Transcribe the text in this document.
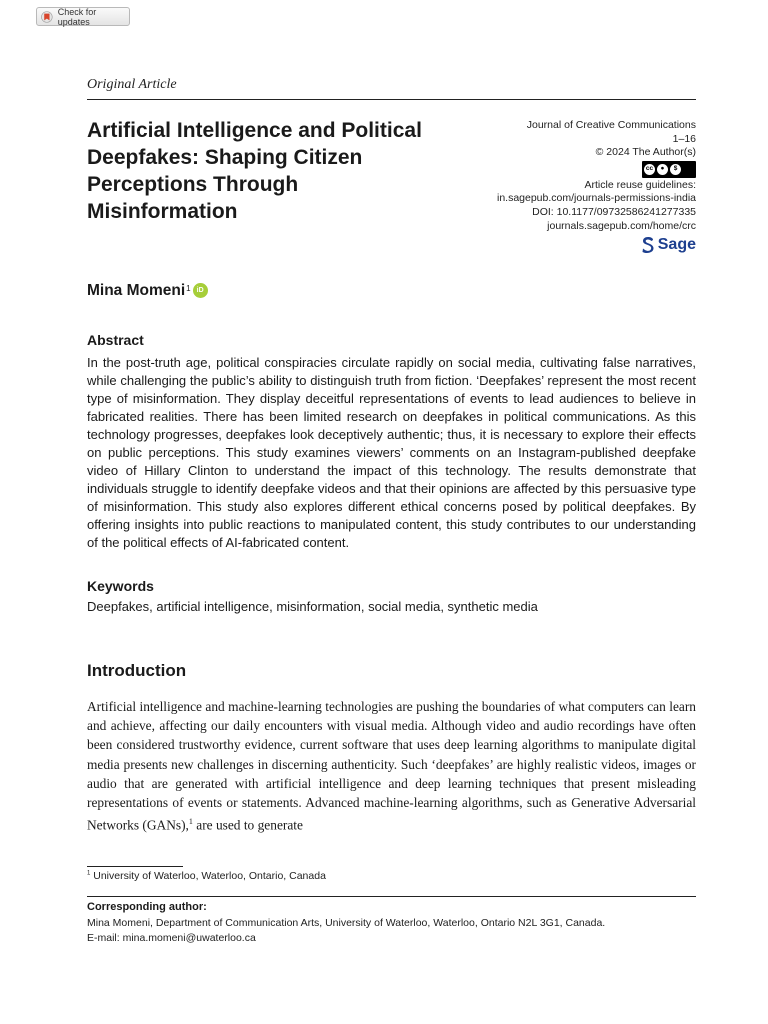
Check for updates
Original Article
Artificial Intelligence and Political Deepfakes: Shaping Citizen Perceptions Through Misinformation
Journal of Creative Communications
1–16
© 2024 The Author(s)
cc	●	$
Article reuse guidelines:
in.sagepub.com/journals-permissions-india
DOI: 10.1177/09732586241277335
journals.sagepub.com/home/crc
Sage
Mina Momeni 1 iD
Abstract
In the post-truth age, political conspiracies circulate rapidly on social media, cultivating false narratives, while challenging the public’s ability to distinguish truth from fiction. ‘Deepfakes’ represent the most recent type of misinformation. They display deceitful representations of events to lead audiences to believe in fabricated realities. There has been limited research on deepfakes in political communications. As this technology progresses, deepfakes look deceptively authentic; thus, it is necessary to explore their effects on public perceptions. This study examines viewers’ comments on an Instagram-published deepfake video of Hillary Clinton to understand the impact of this technology. The results demonstrate that individuals struggle to identify deepfake videos and that their opinions are affected by this persuasive type of misinformation. This study also explores different ethical concerns posed by political deepfakes. By offering insights into public reactions to manipulated content, this study contributes to our understanding of the political effects of AI-fabricated content.
Keywords
Deepfakes, artificial intelligence, misinformation, social media, synthetic media
Introduction
Artificial intelligence and machine-learning technologies are pushing the boundaries of what computers can learn and achieve, affecting our daily encounters with visual media. Although video and audio recordings have often been considered trustworthy evidence, current software that uses deep learning algorithms to manipulate digital media presents new challenges in discerning authenticity. Such ‘deepfakes’ are highly realistic videos, images or audio that are generated with artificial intelligence and deep learning techniques that present misleading representations of events or statements. Advanced machine-learning algorithms, such as Generative Adversarial Networks (GANs),$^1$ are used to generate
$^1$ University of Waterloo, Waterloo, Ontario, Canada
Corresponding author:
Mina Momeni, Department of Communication Arts, University of Waterloo, Waterloo, Ontario N2L 3G1, Canada.
E-mail: mina.momeni@uwaterloo.ca
